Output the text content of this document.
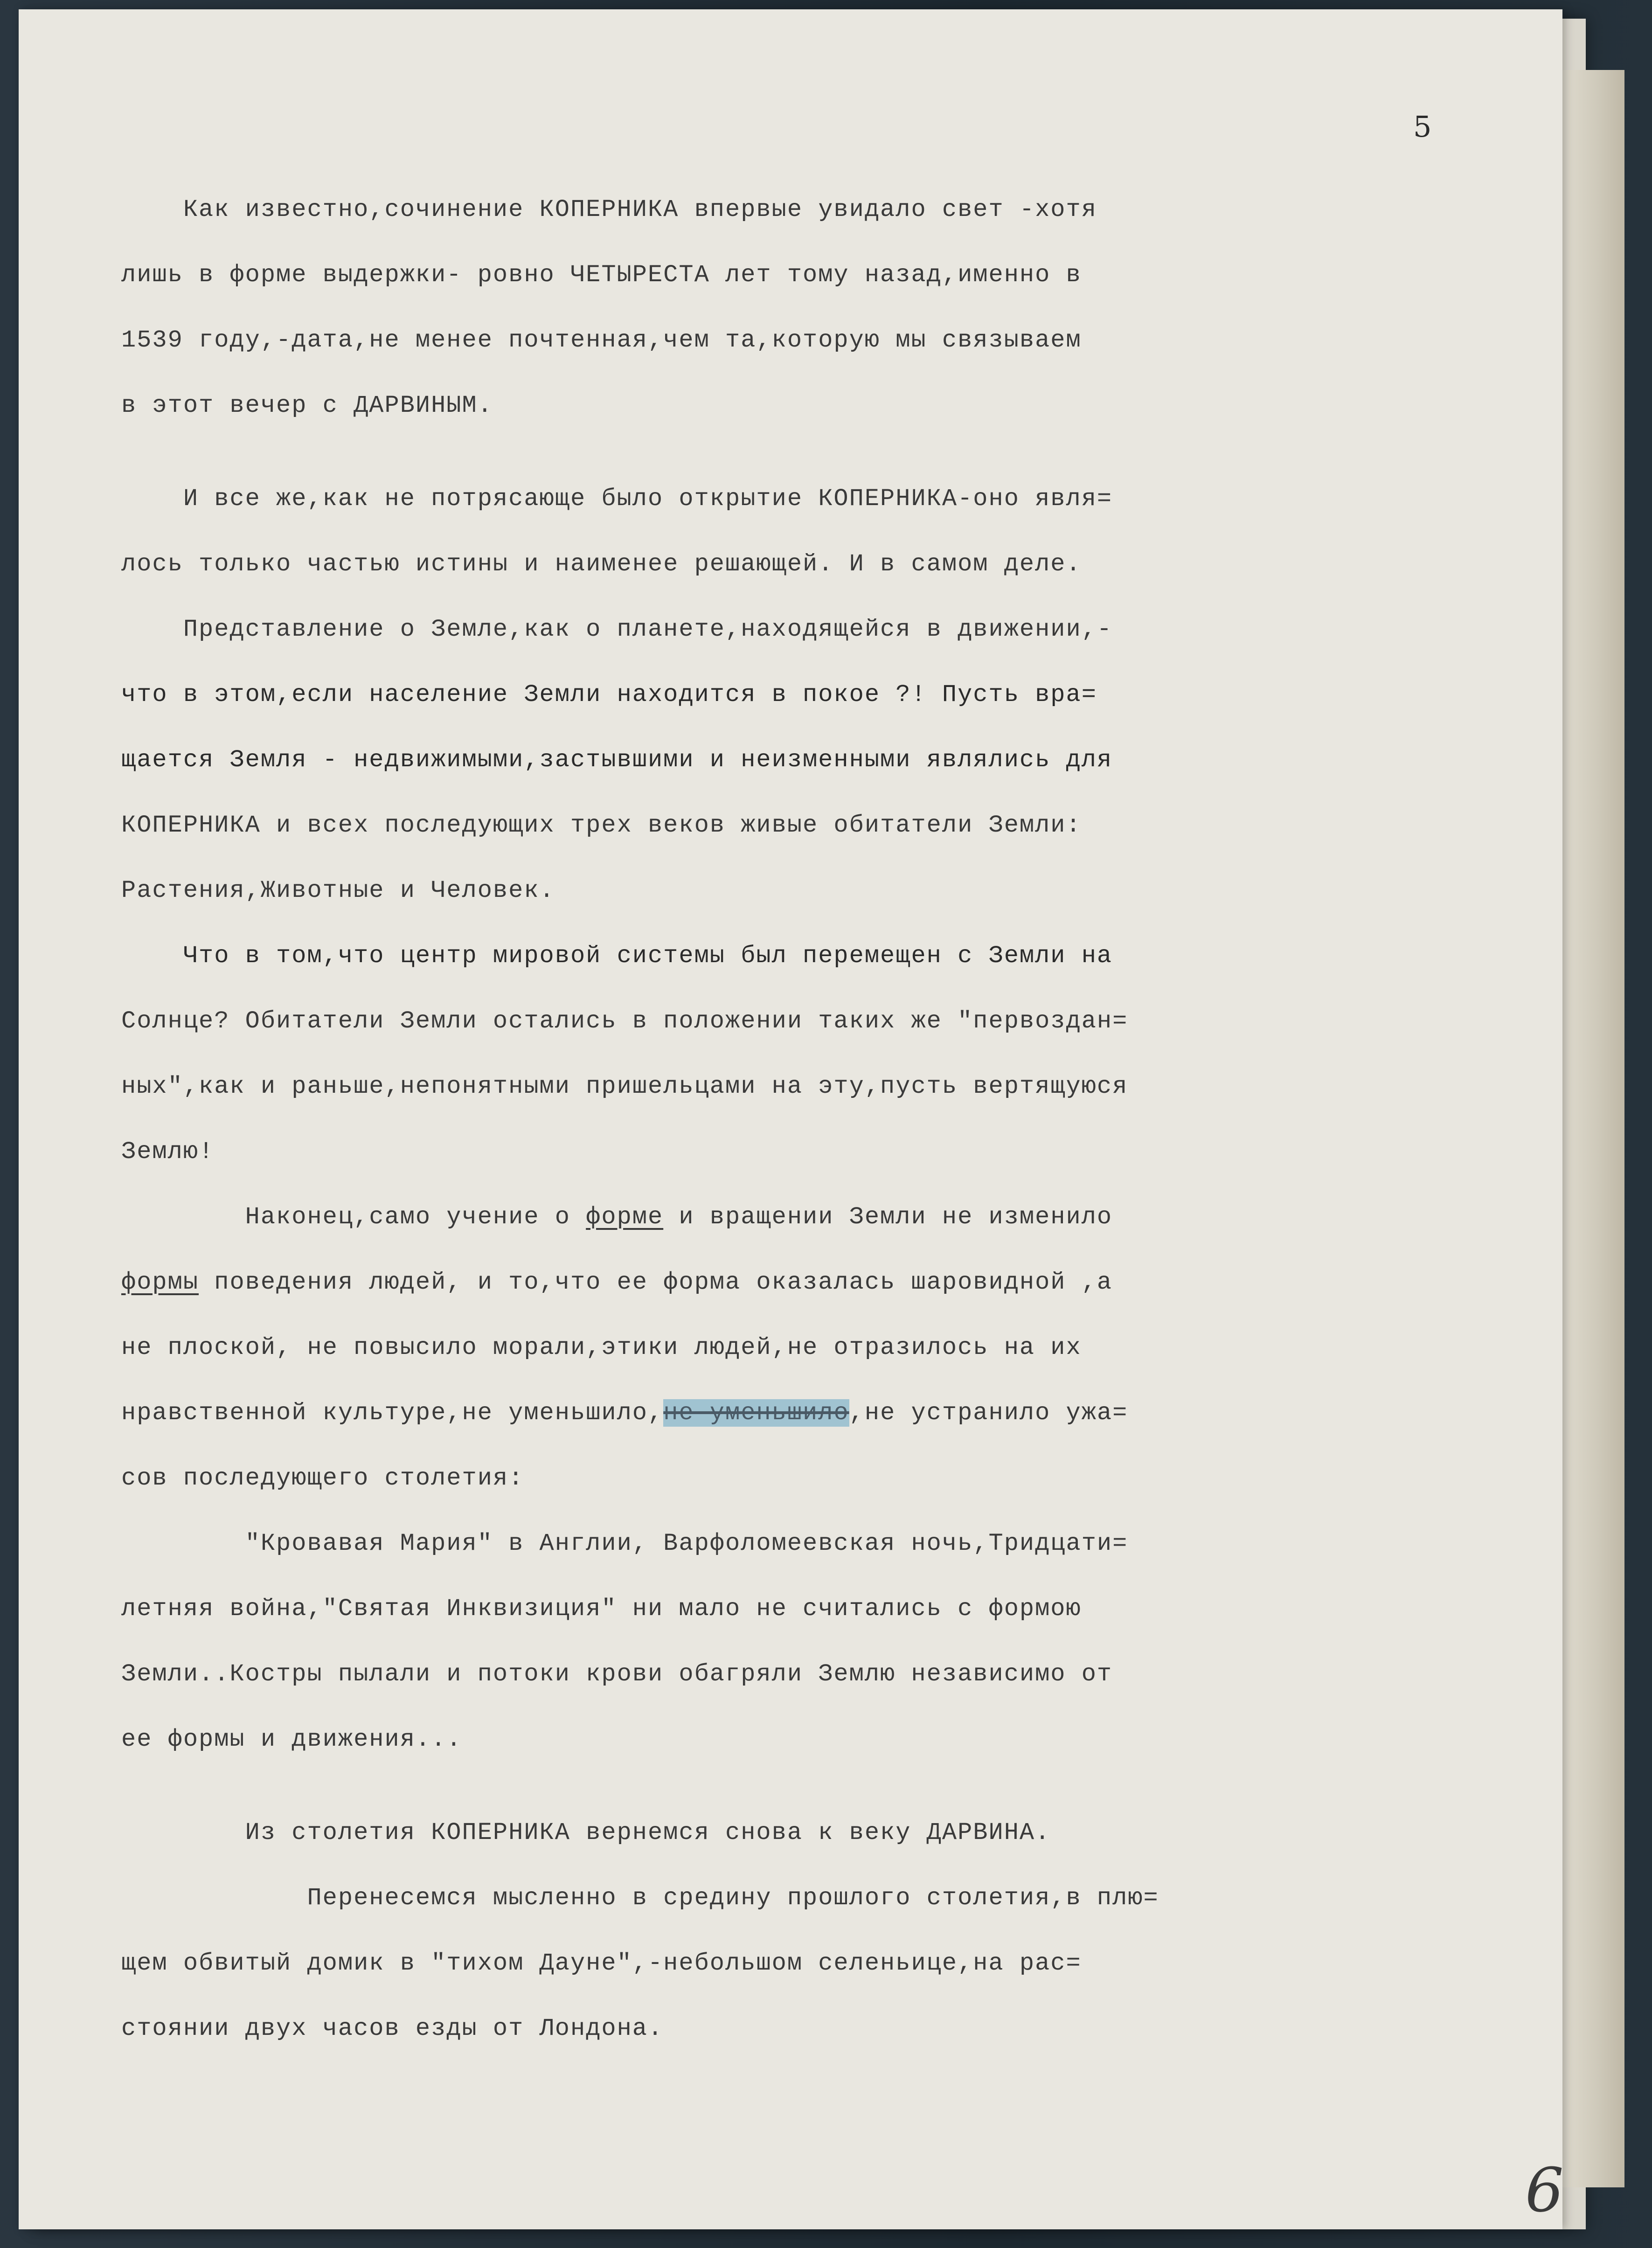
5
Как известно,сочинение КОПЕРНИКА впервые увидало свет -хотя
лишь в форме выдержки- ровно ЧЕТЫРЕСТА лет тому назад,именно в
1539 году,-дата,не менее почтенная,чем та,которую мы связываем
в этот вечер с ДАРВИНЫМ.
И все же,как не потрясающе было открытие КОПЕРНИКА-оно явля=
лось только частью истины и наименее решающей. И в самом деле.
Представление о Земле,как о планете,находящейся в движении,-
что в этом,если население Земли находится в покое ?! Пусть вра=
щается Земля - недвижимыми,застывшими и неизменными являлись для
КОПЕРНИКА и всех последующих трех веков живые обитатели Земли:
Растения,Животные и Человек.
Что в том,что центр мировой системы был перемещен с Земли на
Солнце? Обитатели Земли остались в положении таких же "первоздан=
ных",как и раньше,непонятными пришельцами на эту,пусть вертящуюся
Землю!
Наконец,само учение о форме и вращении Земли не изменило
формы поведения людей, и то,что ее форма оказалась шаровидной ,а
не плоской, не повысило морали,этики людей,не отразилось на их
нравственной культуре,не уменьшило,не уменьшило,не устранило ужа=
сов последующего столетия:
"Кровавая Мария" в Англии, Варфоломеевская ночь,Тридцати=
летняя война,"Святая Инквизиция" ни мало не считались с формою
Земли..Костры пылали и потоки крови обагряли Землю независимо от
ее формы и движения...
Из столетия КОПЕРНИКА вернемся снова к веку ДАРВИНА.
Перенесемся мысленно в средину прошлого столетия,в плю=
щем обвитый домик в "тихом Дауне",-небольшом селеньице,на рас=
стоянии двух часов езды от Лондона.
6
